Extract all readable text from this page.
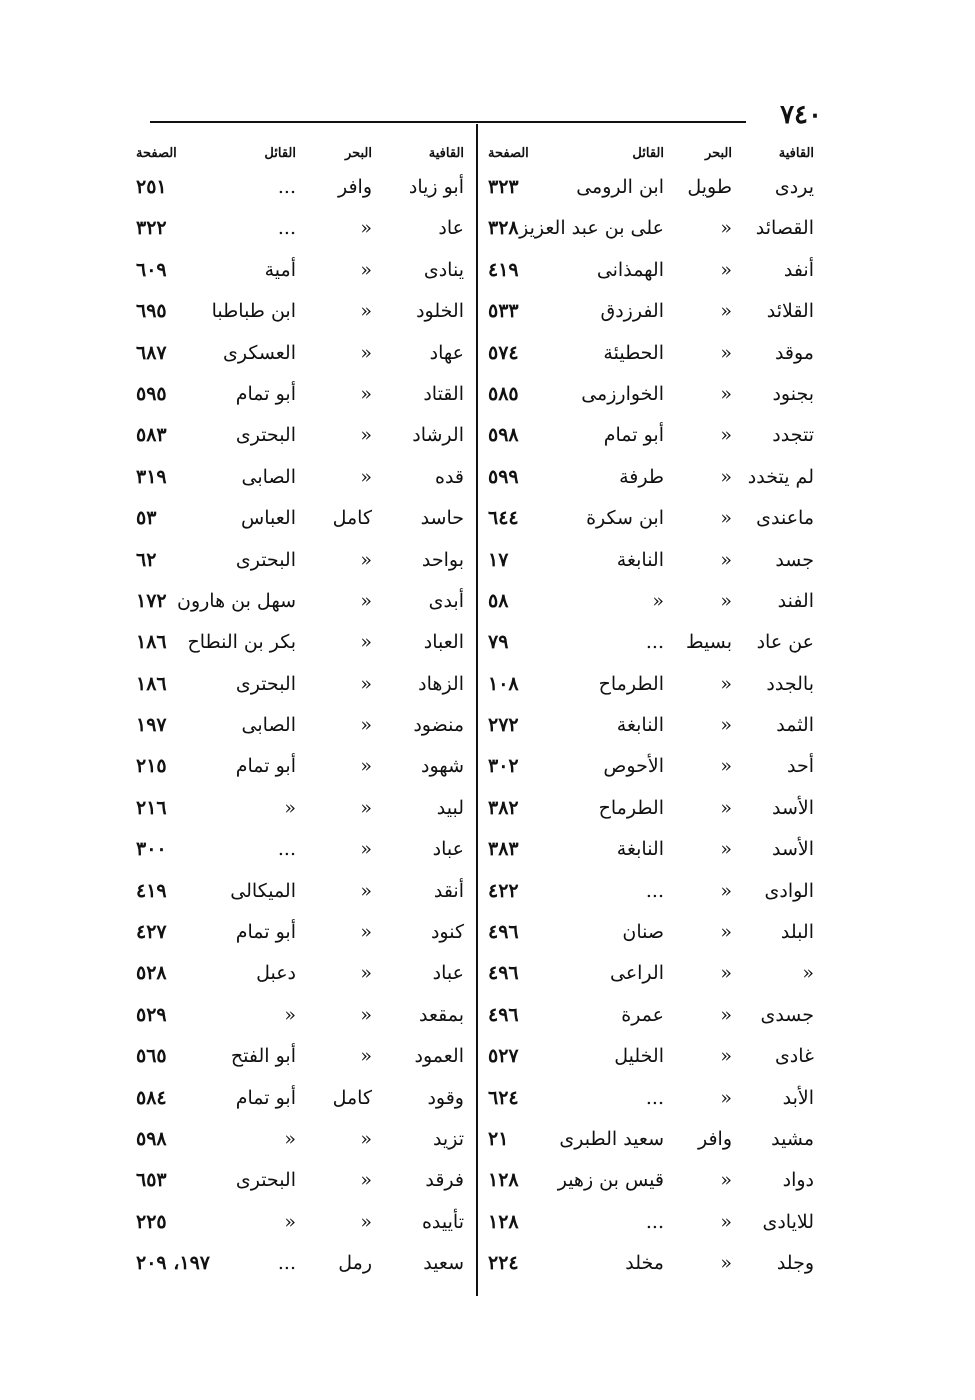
٧٤٠
القافية
البحر
القائل
الصفحة
يردى
طويل
ابن الرومى
٣٢٣
القصائد
«
على بن عبد العزيز
٣٢٨
أنفد
«
الهمذانى
٤١٩
القلائد
«
الفرزدق
٥٣٣
موقد
«
الحطيئة
٥٧٤
بجنود
«
الخوارزمى
٥٨٥
تتجدد
«
أبو تمام
٥٩٨
لم يتخدد
«
طرفة
٥٩٩
ماعندى
«
ابن سكرة
٦٤٤
جسد
«
النابغة
١٧
الفند
«
«
٥٨
عن عاد
بسيط
...
٧٩
بالجدد
«
الطرماح
١٠٨
الثمد
«
النابغة
٢٧٢
أحد
«
الأحوص
٣٠٢
الأسد
«
الطرماح
٣٨٢
الأسد
«
النابغة
٣٨٣
الوادى
«
...
٤٢٢
البلد
«
صنان
٤٩٦
«
«
الراعى
٤٩٦
جسدى
«
عمرة
٤٩٦
غادى
«
الخليل
٥٢٧
الأبد
«
...
٦٢٤
مشيد
وافر
سعيد الطبرى
٢١
دواد
«
قيس بن زهير
١٢٨
للايادى
«
...
١٢٨
وجلد
«
مخلد
٢٢٤
القافية
البحر
القائل
الصفحة
أبو زياد
وافر
...
٢٥١
عاد
«
...
٣٢٢
ينادى
«
أمية
٦٠٩
الخلود
«
ابن طباطبا
٦٩٥
عهاد
«
العسكرى
٦٨٧
القتاد
«
أبو تمام
٥٩٥
الرشاد
«
البحترى
٥٨٣
قده
«
الصابى
٣١٩
حاسد
كامل
العباس
٥٣
بواحد
«
البحترى
٦٢
أبدى
«
سهل بن هارون
١٧٢
العباد
«
بكر بن النطاح
١٨٦
الزهاد
«
البحترى
١٨٦
منضود
«
الصابى
١٩٧
شهود
«
أبو تمام
٢١٥
لبيد
«
«
٢١٦
عباد
«
...
٣٠٠
أنقد
«
الميكالى
٤١٩
كنود
«
أبو تمام
٤٢٧
عباد
«
دعبل
٥٢٨
بمقعد
«
«
٥٢٩
العمود
«
أبو الفتح
٥٦٥
وقود
كامل
أبو تمام
٥٨٤
تزيد
«
«
٥٩٨
فرقد
«
البحترى
٦٥٣
تأييده
«
«
٢٢٥
سعيد
رمل
...
١٩٧، ٢٠٩
